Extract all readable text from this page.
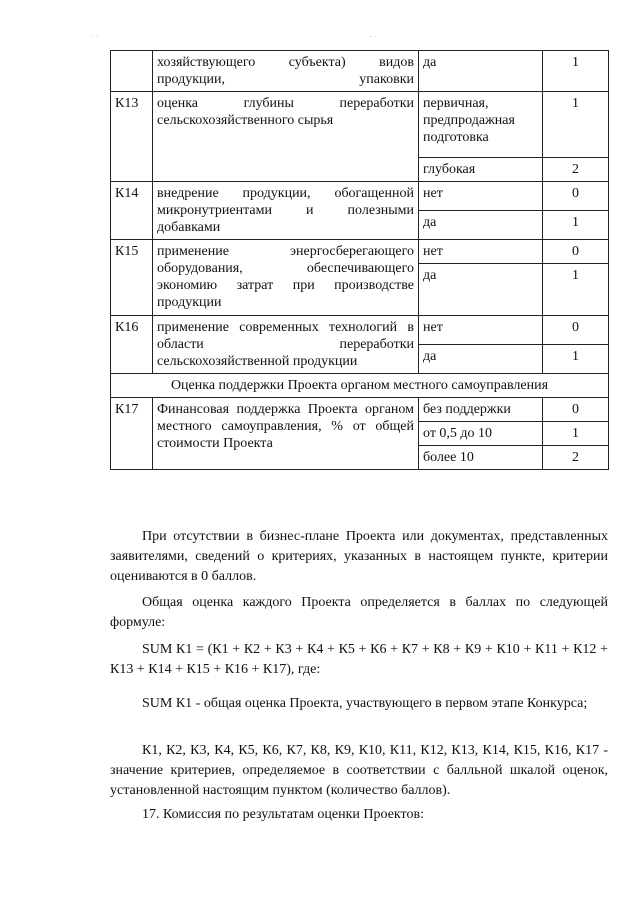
. .	. .
	хозяйствующего субъекта) видов продукции, упаковки	да	1
К13	оценка глубины переработки сельскохозяйственного сырья	первичная, предпродажная подготовка	1
		глубокая	2
К14	внедрение продукции, обогащенной микронутриентами и полезными добавками	нет	0
		да	1
К15	применение энергосберегающего оборудования, обеспечивающего экономию затрат при производстве продукции	нет	0
		да	1
К16	применение современных технологий в области переработки сельскохозяйственной продукции	нет	0
		да	1
Оценка поддержки Проекта органом местного самоуправления			
К17	Финансовая поддержка Проекта органом местного самоуправления, % от общей стоимости Проекта	без поддержки	0
		от 0,5 до 10	1
		более 10	2

При отсутствии в бизнес-плане Проекта или документах, представленных заявителями, сведений о критериях, указанных в настоящем пункте, критерии оцениваются в 0 баллов.

Общая оценка каждого Проекта определяется в баллах по следующей формуле:

SUM К1 = (К1 + К2 + К3 + К4 + К5 + К6 + К7 + К8 + К9 + К10 + К11 + К12 + К13 + К14 + К15 + К16 + К17), где:

SUM К1 - общая оценка Проекта, участвующего в первом этапе Конкурса;

К1, К2, К3, К4, К5, К6, К7, К8, К9, К10, К11, К12, К13, К14, К15, К16, К17 - значение критериев, определяемое в соответствии с балльной шкалой оценок, установленной настоящим пунктом (количество баллов).

17. Комиссия по результатам оценки Проектов:
